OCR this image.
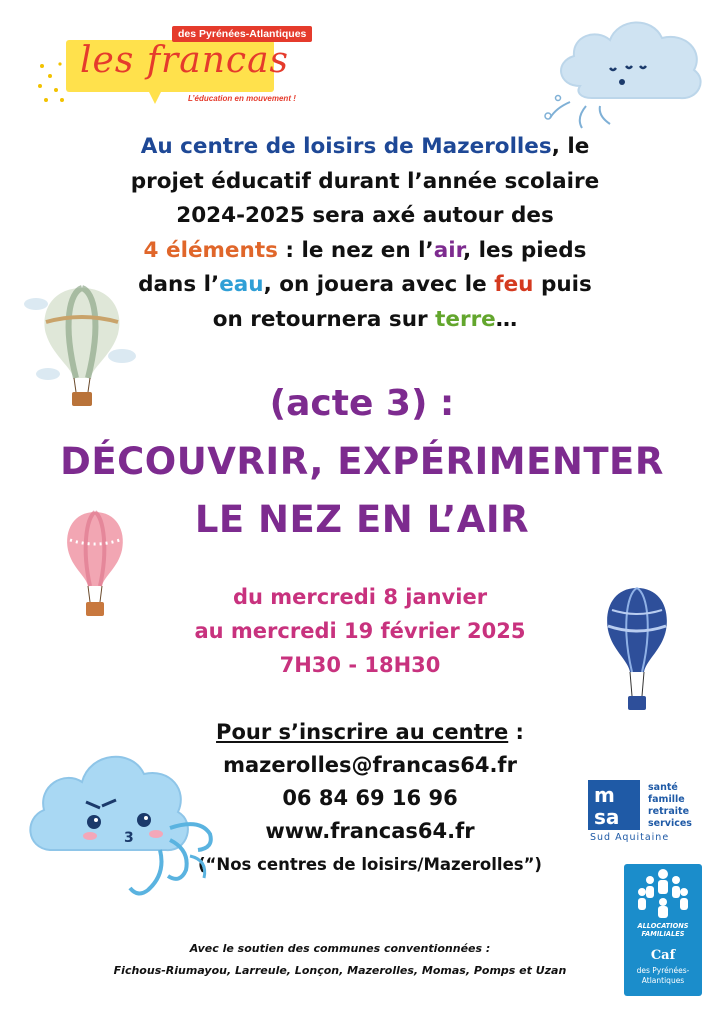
des Pyrénées-Atlantiques
les francas
L’éducation en mouvement !
Au centre de loisirs de Mazerolles, le
projet éducatif durant l’année scolaire
2024-2025 sera axé autour des
4 éléments : le nez en l’air, les pieds
dans l’eau, on jouera avec le feu puis
on retournera sur terre…
(acte 3) :
DÉCOUVRIR, EXPÉRIMENTER
LE NEZ EN L’AIR
du mercredi 8 janvier
au mercredi 19 février 2025
7H30 - 18H30
Pour s’inscrire au centre :
mazerolles@francas64.fr
06 84 69 16 96
www.francas64.fr
(“Nos centres de loisirs/Mazerolles”)
3
m
sa
santé
famille
retraite
services
Sud Aquitaine
ALLOCATIONS
FAMILIALES
Caf
des Pyrénées-
Atlantiques
Avec le soutien des communes conventionnées :
Fichous-Riumayou, Larreule, Lonçon, Mazerolles, Momas, Pomps et Uzan
